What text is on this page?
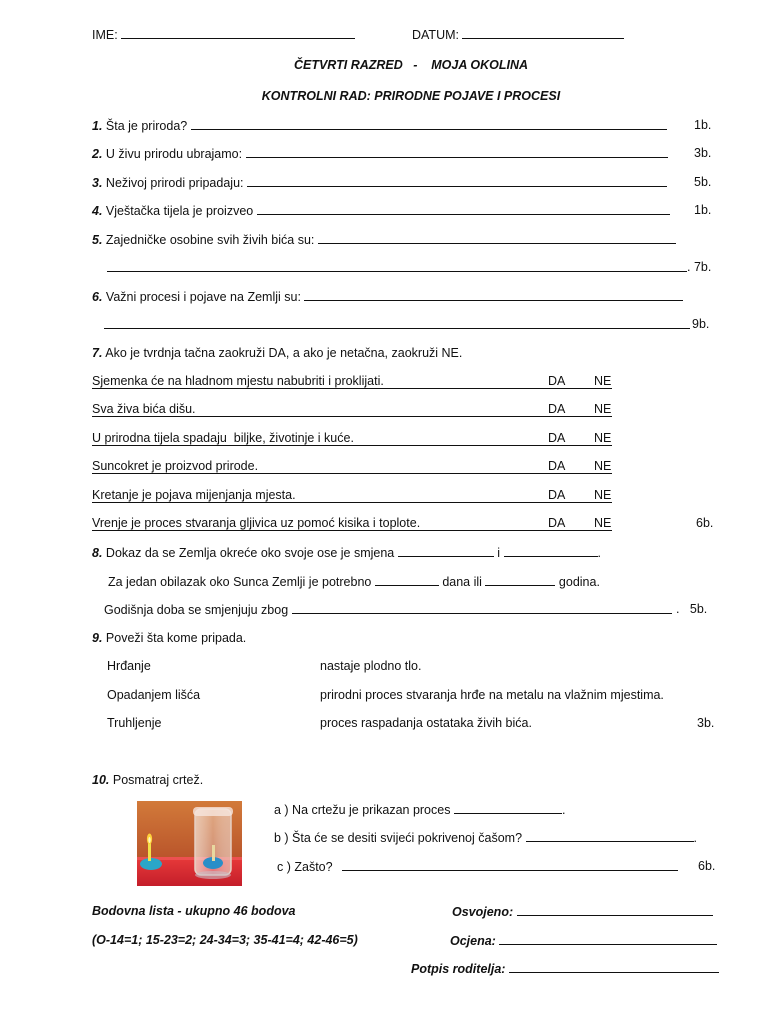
IME:	DATUM:
ČETVRTI RAZRED   -    MOJA OKOLINA
KONTROLNI RAD: PRIRODNE POJAVE I PROCESI
1. Šta je priroda?	1b.
2. U živu prirodu ubrajamo:	3b.
3. Neživoj prirodi pripadaju:	5b.
4. Vještačka tijela je proizveo	1b.
5. Zajedničke osobine svih živih bića su:
. 7b.
6. Važni procesi i pojave na Zemlji su:
9b.
7. Ako je tvrdnja tačna zaokruži DA, a ako je netačna, zaokruži NE.
Sjemenka će na hladnom mjestu nabubriti i proklijati.	DA NE
Sva živa bića dišu.	DA NE
U prirodna tijela spadaju  biljke, životinje i kuće.	DA NE
Suncokret je proizvod prirode.	DA NE
Kretanje je pojava mijenjanja mjesta.	DA NE
Vrenje je proces stvaranja gljivica uz pomoć kisika i toplote.	DA NE	6b.
8. Dokaz da se Zemlja okreće oko svoje ose je smjena	i	.
Za jedan obilazak oko Sunca Zemlji je potrebno	dana ili	godina.
Godišnja doba se smjenjuju zbog	.   5b.
9. Poveži šta kome pripada.
Hrđanje	nastaje plodno tlo.
Opadanjem lišća	prirodni proces stvaranja hrđe na metalu na vlažnim mjestima.
Truhljenje	proces raspadanja ostataka živih bića.	3b.
10. Posmatraj crtež.
a ) Na crtežu je prikazan proces	.
b ) Šta će se desiti svijeći pokrivenoj čašom?	.
c ) Zašto?	6b.
Bodovna lista - ukupno 46 bodova	Osvojeno:
(O-14=1; 15-23=2; 24-34=3; 35-41=4; 42-46=5)	Ocjena:
Potpis roditelja:
